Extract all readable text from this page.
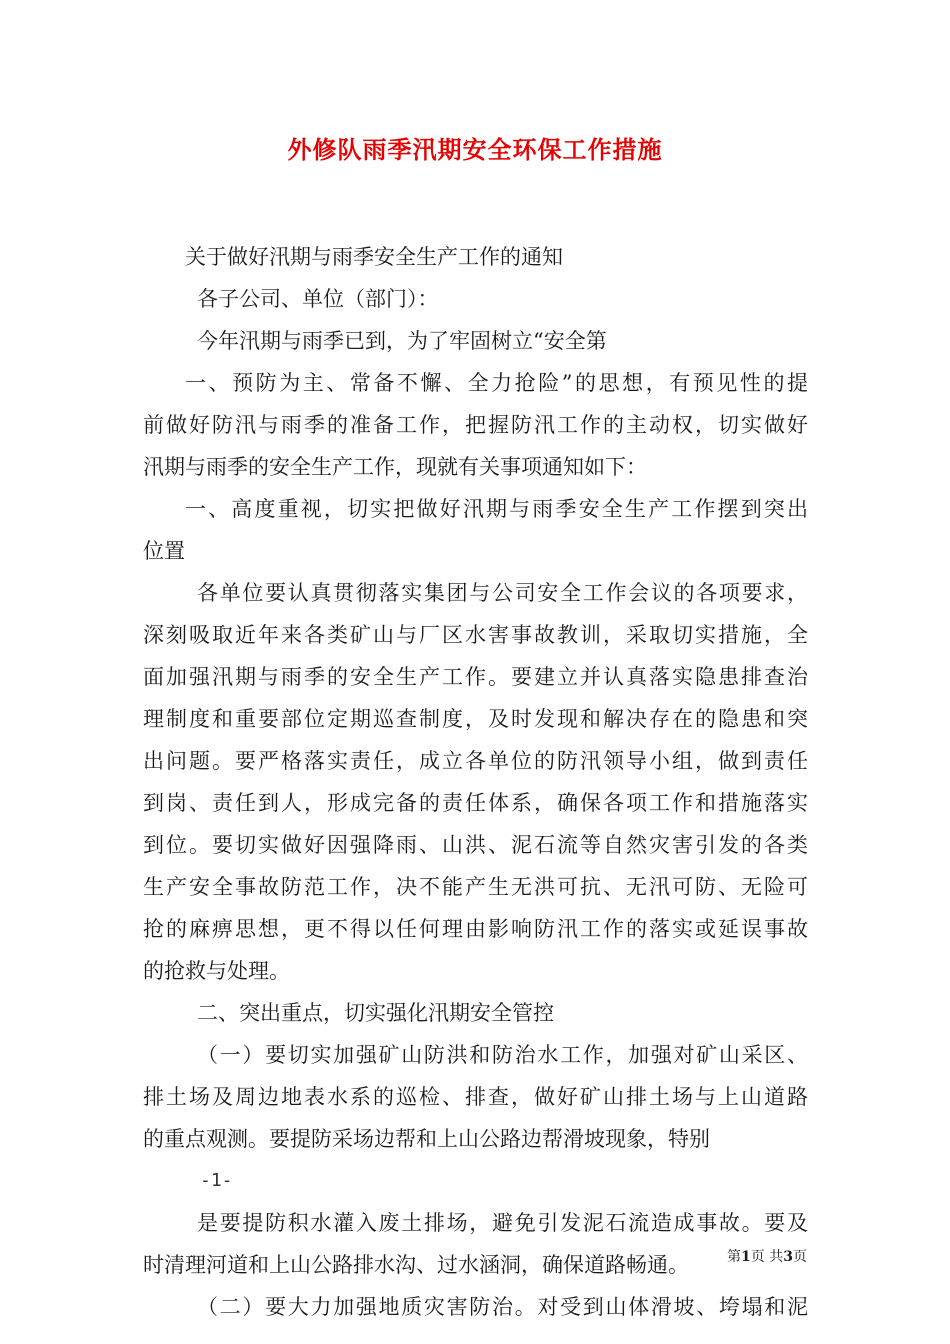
外修队雨季汛期安全环保工作措施
关于做好汛期与雨季安全生产工作的通知
各子公司、单位（部门）：
今年汛期与雨季已到，为了牢固树立“安全第
一、预防为主、常备不懈、全力抢险”的思想，有预见性的提
前做好防汛与雨季的准备工作，把握防汛工作的主动权，切实做好
汛期与雨季的安全生产工作，现就有关事项通知如下：
一、高度重视，切实把做好汛期与雨季安全生产工作摆到突出
位置
各单位要认真贯彻落实集团与公司安全工作会议的各项要求，
深刻吸取近年来各类矿山与厂区水害事故教训，采取切实措施，全
面加强汛期与雨季的安全生产工作。要建立并认真落实隐患排查治
理制度和重要部位定期巡查制度，及时发现和解决存在的隐患和突
出问题。要严格落实责任，成立各单位的防汛领导小组，做到责任
到岗、责任到人，形成完备的责任体系，确保各项工作和措施落实
到位。要切实做好因强降雨、山洪、泥石流等自然灾害引发的各类
生产安全事故防范工作，决不能产生无洪可抗、无汛可防、无险可
抢的麻痹思想，更不得以任何理由影响防汛工作的落实或延误事故
的抢救与处理。
二、突出重点，切实强化汛期安全管控
（一）要切实加强矿山防洪和防治水工作，加强对矿山采区、
排土场及周边地表水系的巡检、排查，做好矿山排土场与上山道路
的重点观测。要提防采场边帮和上山公路边帮滑坡现象，特别
-1-
是要提防积水灌入废土排场，避免引发泥石流造成事故。要及
时清理河道和上山公路排水沟、过水涵洞，确保道路畅通。
（二）要大力加强地质灾害防治。对受到山体滑坡、垮塌和泥
第1页 共3页
